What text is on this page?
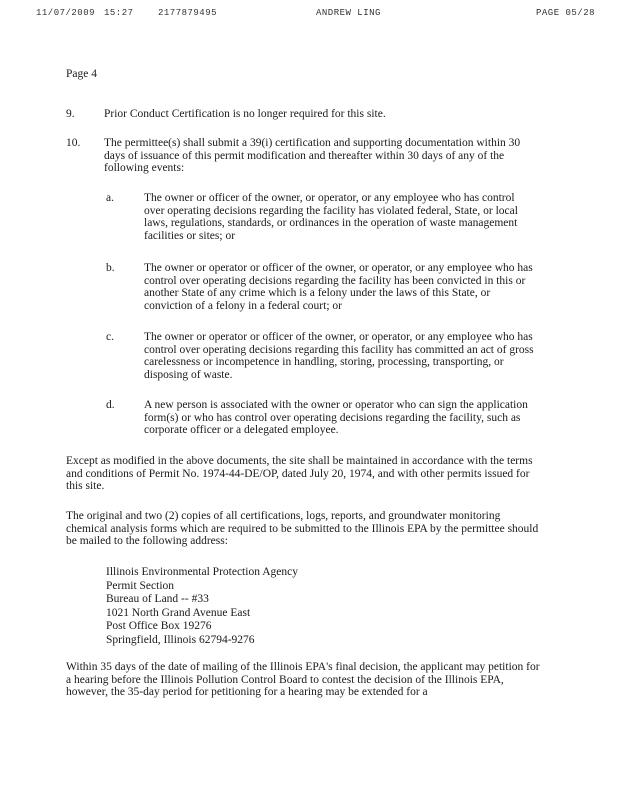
11/07/2009 15:27	2177879495	ANDREW LING	PAGE 05/28
Page 4
9.	Prior Conduct Certification is no longer required for this site.
10. The permittee(s) shall submit a 39(i) certification and supporting documentation within 30 days of issuance of this permit modification and thereafter within 30 days of any of the following events:
a.	The owner or officer of the owner, or operator, or any employee who has control over operating decisions regarding the facility has violated federal, State, or local laws, regulations, standards, or ordinances in the operation of waste management facilities or sites; or
b.	The owner or operator or officer of the owner, or operator, or any employee who has control over operating decisions regarding the facility has been convicted in this or another State of any crime which is a felony under the laws of this State, or conviction of a felony in a federal court; or
c.	The owner or operator or officer of the owner, or operator, or any employee who has control over operating decisions regarding this facility has committed an act of gross carelessness or incompetence in handling, storing, processing, transporting, or disposing of waste.
d.	A new person is associated with the owner or operator who can sign the application form(s) or who has control over operating decisions regarding the facility, such as corporate officer or a delegated employee.
Except as modified in the above documents, the site shall be maintained in accordance with the terms and conditions of Permit No. 1974-44-DE/OP, dated July 20, 1974, and with other permits issued for this site.
The original and two (2) copies of all certifications, logs, reports, and groundwater monitoring chemical analysis forms which are required to be submitted to the Illinois EPA by the permittee should be mailed to the following address:
Illinois Environmental Protection Agency
Permit Section
Bureau of Land -- #33
1021 North Grand Avenue East
Post Office Box 19276
Springfield, Illinois 62794-9276
Within 35 days of the date of mailing of the Illinois EPA's final decision, the applicant may petition for a hearing before the Illinois Pollution Control Board to contest the decision of the Illinois EPA, however, the 35-day period for petitioning for a hearing may be extended for a
